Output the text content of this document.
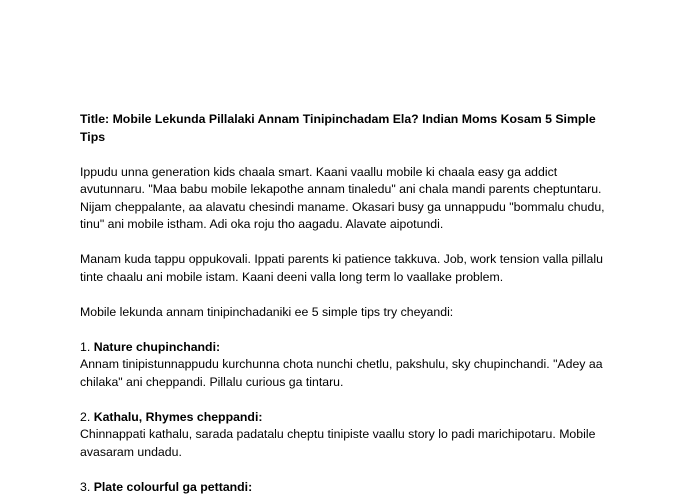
Title: Mobile Lekunda Pillalaki Annam Tinipinchadam Ela? Indian Moms Kosam 5 Simple Tips

Ippudu unna generation kids chaala smart. Kaani vaallu mobile ki chaala easy ga addict avutunnaru. "Maa babu mobile lekapothe annam tinaledu" ani chala mandi parents cheptuntaru. Nijam cheppalante, aa alavatu chesindi maname. Okasari busy ga unnappudu "bommalu chudu, tinu" ani mobile istham. Adi oka roju tho aagadu. Alavate aipotundi.

Manam kuda tappu oppukovali. Ippati parents ki patience takkuva. Job, work tension valla pillalu tinte chaalu ani mobile istam. Kaani deeni valla long term lo vaallake problem.

Mobile lekunda annam tinipinchadaniki ee 5 simple tips try cheyandi:

1. Nature chupinchandi:

Annam tinipistunnappudu kurchunna chota nunchi chetlu, pakshulu, sky chupinchandi. "Adey aa chilaka" ani cheppandi. Pillalu curious ga tintaru.

2. Kathalu, Rhymes cheppandi:

Chinnappati kathalu, sarada padatalu cheptu tinipiste vaallu story lo padi marichipotaru. Mobile avasaram undadu.

3. Plate colourful ga pettandi:
